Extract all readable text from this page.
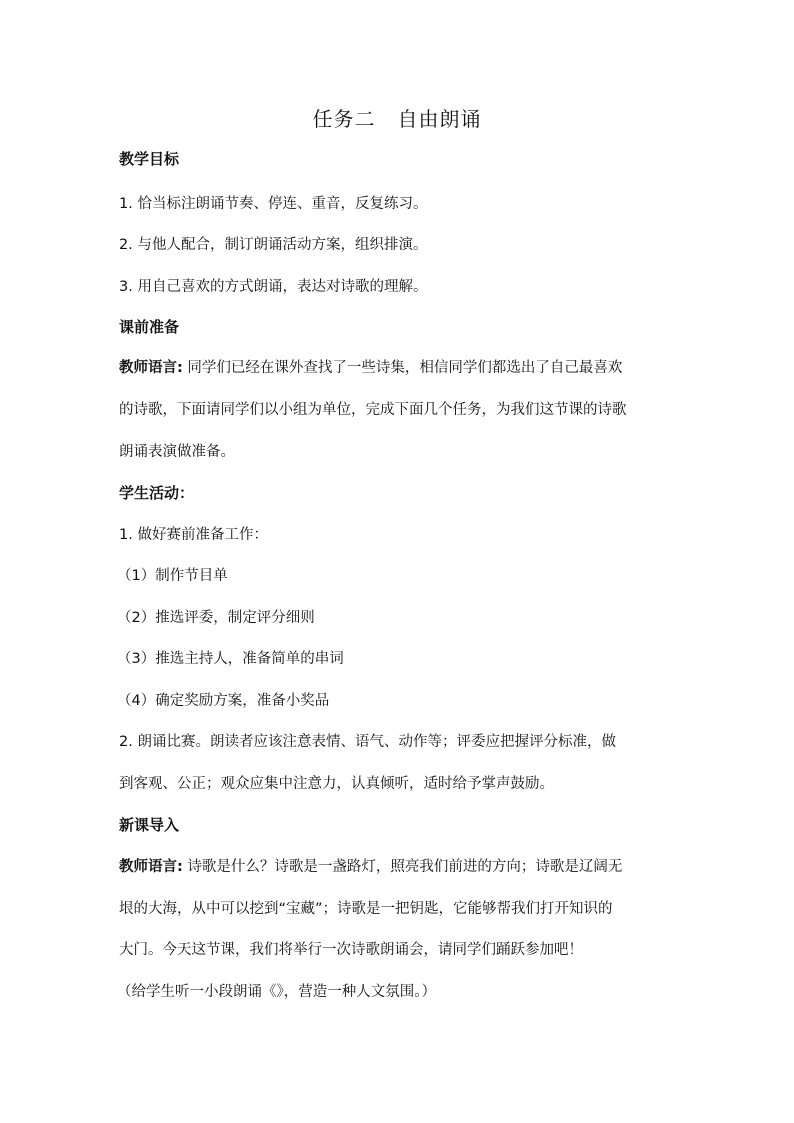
任务二 自由朗诵
教学目标
1. 恰当标注朗诵节奏、停连、重音，反复练习。
2. 与他人配合，制订朗诵活动方案，组织排演。
3. 用自己喜欢的方式朗诵，表达对诗歌的理解。
课前准备
教师语言: 同学们已经在课外查找了一些诗集，相信同学们都选出了自己最喜欢
的诗歌，下面请同学们以小组为单位，完成下面几个任务，为我们这节课的诗歌
朗诵表演做准备。
学生活动：
1. 做好赛前准备工作：
（1）制作节目单
（2）推选评委，制定评分细则
（3）推选主持人，准备简单的串词
（4）确定奖励方案，准备小奖品
2. 朗诵比赛。朗读者应该注意表情、语气、动作等；评委应把握评分标准，做
到客观、公正；观众应集中注意力，认真倾听，适时给予掌声鼓励。
新课导入
教师语言: 诗歌是什么？诗歌是一盏路灯，照亮我们前进的方向；诗歌是辽阔无
垠的大海，从中可以挖到“宝藏”；诗歌是一把钥匙，它能够帮我们打开知识的
大门。今天这节课，我们将举行一次诗歌朗诵会，请同学们踊跃参加吧！
（给学生听一小段朗诵《》，营造一种人文氛围。）
